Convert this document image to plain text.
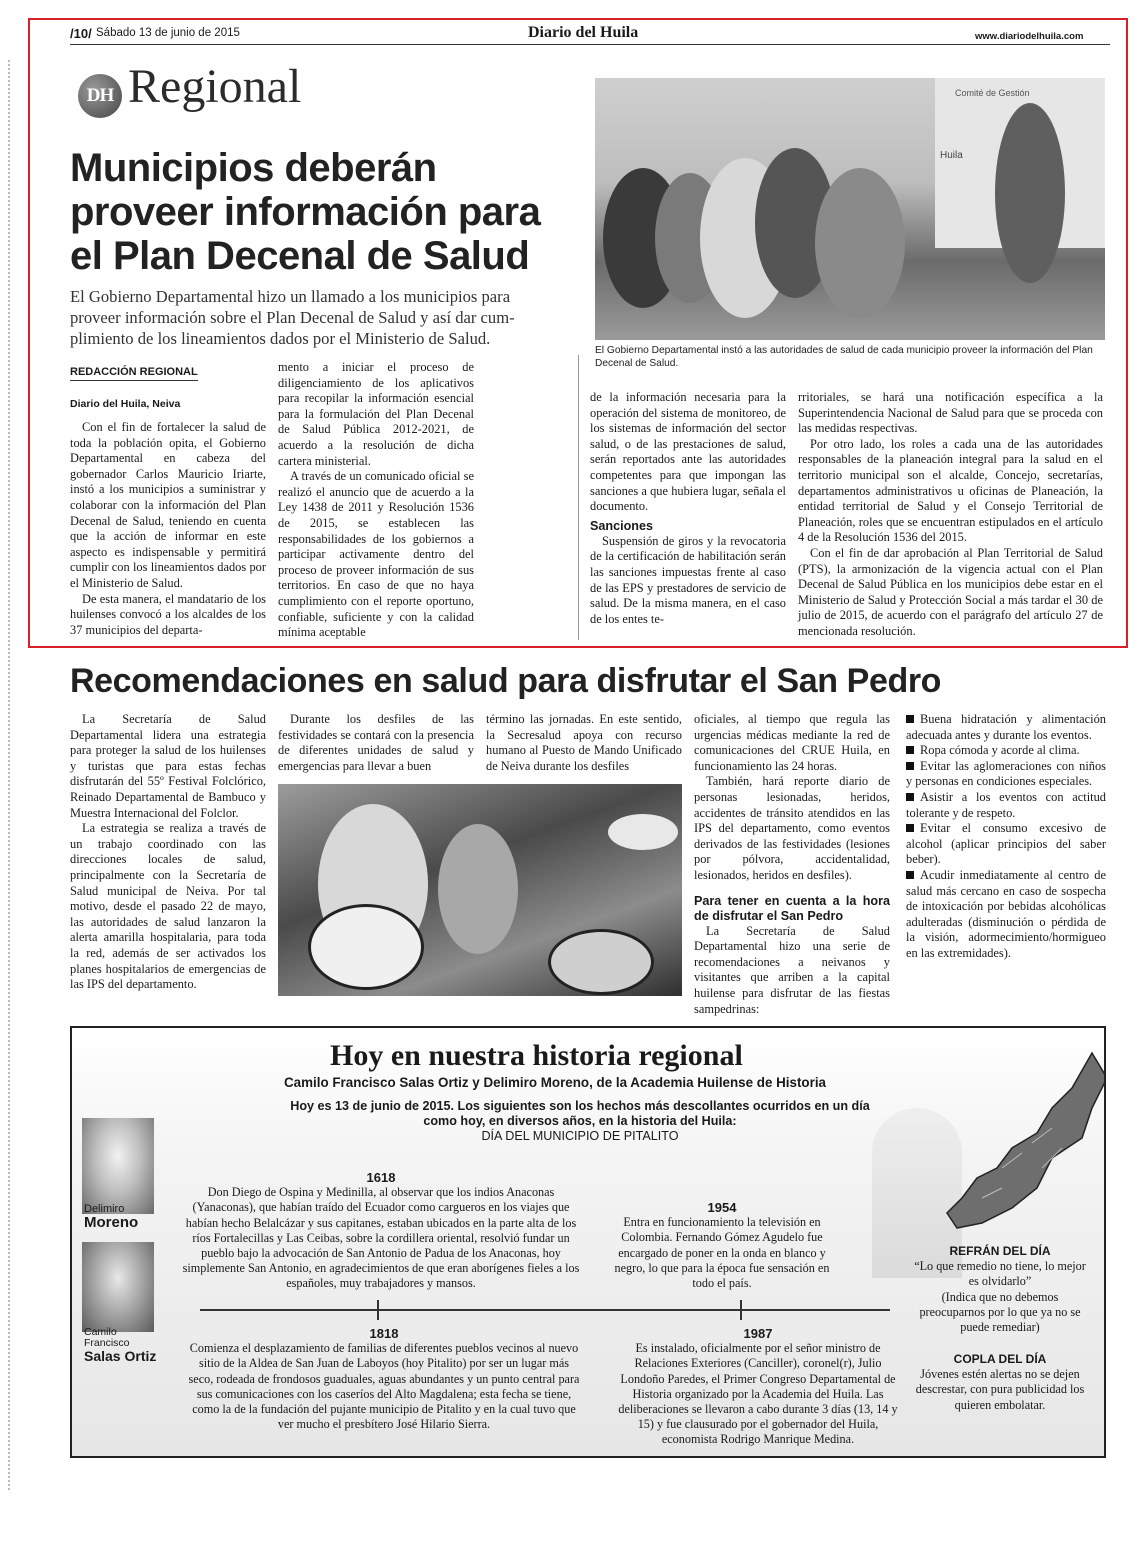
/10/ Sábado 13 de junio de 2015	Diario del Huila	www.diariodelhuila.com
DH Regional
Municipios deberán
proveer información para
el Plan Decenal de Salud
El Gobierno Departamental hizo un llamado a los municipios para
proveer información sobre el Plan Decenal de Salud y así dar cum-
plimiento de los lineamientos dados por el Ministerio de Salud.
Comité de Gestión
Huila
El Gobierno Departamental instó a las autoridades de salud de cada municipio proveer la información del Plan Decenal de Salud.
REDACCIÓN REGIONAL
Diario del Huila, Neiva

Con el fin de fortalecer la salud de toda la población opita, el Gobierno Departamental en cabeza del gobernador Carlos Mauricio Iriarte, instó a los municipios a suministrar y colaborar con la información del Plan Decenal de Salud, teniendo en cuenta que la acción de informar en este aspecto es indispensable y permitirá cumplir con los lineamientos dados por el Ministerio de Salud.

De esta manera, el mandatario de los huilenses convocó a los alcaldes de los 37 municipios del departa-

mento a iniciar el proceso de diligenciamiento de los aplicativos para recopilar la información esencial para la formulación del Plan Decenal de Salud Pública 2012-2021, de acuerdo a la resolución de dicha cartera ministerial.

A través de un comunicado oficial se realizó el anuncio que de acuerdo a la Ley 1438 de 2011 y Resolución 1536 de 2015, se establecen las responsabilidades de los gobiernos a participar activamente dentro del proceso de proveer información de sus territorios. En caso de que no haya cumplimiento con el reporte oportuno, confiable, suficiente y con la calidad mínima aceptable

de la información necesaria para la operación del sistema de monitoreo, de los sistemas de información del sector salud, o de las prestaciones de salud, serán reportados ante las autoridades competentes para que impongan las sanciones a que hubiera lugar, señala el documento.

Sanciones

Suspensión de giros y la revocatoria de la certificación de habilitación serán las sanciones impuestas frente al caso de las EPS y prestadores de servicio de salud. De la misma manera, en el caso de los entes te-

rritoriales, se hará una notificación específica a la Superintendencia Nacional de Salud para que se proceda con las medidas respectivas.

Por otro lado, los roles a cada una de las autoridades responsables de la planeación integral para la salud en el territorio municipal son el alcalde, Concejo, secretarías, departamentos administrativos u oficinas de Planeación, la entidad territorial de Salud y el Consejo Territorial de Planeación, roles que se encuentran estipulados en el artículo 4 de la Resolución 1536 del 2015.

Con el fin de dar aprobación al Plan Territorial de Salud (PTS), la armonización de la vigencia actual con el Plan Decenal de Salud Pública en los municipios debe estar en el Ministerio de Salud y Protección Social a más tardar el 30 de julio de 2015, de acuerdo con el parágrafo del artículo 27 de mencionada resolución.

Recomendaciones en salud para disfrutar el San Pedro

La Secretaría de Salud Departamental lidera una estrategia para proteger la salud de los huilenses y turistas que para estas fechas disfrutarán del 55º Festival Folclórico, Reinado Departamental de Bambuco y Muestra Internacional del Folclor.

La estrategia se realiza a través de un trabajo coordinado con las direcciones locales de salud, principalmente con la Secretaría de Salud municipal de Neiva. Por tal motivo, desde el pasado 22 de mayo, las autoridades de salud lanzaron la alerta amarilla hospitalaria, para toda la red, además de ser activados los planes hospitalarios de emergencias de las IPS del departamento.

Durante los desfiles de las festividades se contará con la presencia de diferentes unidades de salud y emergencias para llevar a buen

término las jornadas. En este sentido, la Secresalud apoya con recurso humano al Puesto de Mando Unificado de Neiva durante los desfiles

oficiales, al tiempo que regula las urgencias médicas mediante la red de comunicaciones del CRUE Huila, en funcionamiento las 24 horas.

También, hará reporte diario de personas lesionadas, heridos, accidentes de tránsito atendidos en las IPS del departamento, como eventos derivados de las festividades (lesiones por pólvora, accidentalidad, lesionados, heridos en desfiles).

Para tener en cuenta a la hora de disfrutar el San Pedro

La Secretaría de Salud Departamental hizo una serie de recomendaciones a neivanos y visitantes que arriben a la capital huilense para disfrutar de las fiestas sampedrinas:

Buena hidratación y alimentación adecuada antes y durante los eventos.

Ropa cómoda y acorde al clima.

Evitar las aglomeraciones con niños y personas en condiciones especiales.

Asistir a los eventos con actitud tolerante y de respeto.

Evitar el consumo excesivo de alcohol (aplicar principios del saber beber).

Acudir inmediatamente al centro de salud más cercano en caso de sospecha de intoxicación por bebidas alcohólicas adulteradas (disminución o pérdida de la visión, adormecimiento/hormigueo en las extremidades).

Hoy en nuestra historia regional
Camilo Francisco Salas Ortiz y Delimiro Moreno, de la Academia Huilense de Historia
Hoy es 13 de junio de 2015. Los siguientes son los hechos más descollantes ocurridos en un día
como hoy, en diversos años, en la historia del Huila:
DÍA DEL MUNICIPIO DE PITALITO
Delimiro
Moreno
Camilo
Francisco
Salas Ortiz
1618
Don Diego de Ospina y Medinilla, al observar que los indios Anaconas (Yanaconas), que habían traído del Ecuador como cargueros en los viajes que habían hecho Belalcázar y sus capitanes, estaban ubicados en la parte alta de los ríos Fortalecillas y Las Ceibas, sobre la cordillera oriental, resolvió fundar un pueblo bajo la advocación de San Antonio de Padua de los Anaconas, hoy simplemente San Antonio, en agradecimientos de que eran aborígenes fieles a los españoles, muy trabajadores y mansos.
1954
Entra en funcionamiento la televisión en Colombia. Fernando Gómez Agudelo fue encargado de poner en la onda en blanco y negro, lo que para la época fue sensación en todo el país.
1818
Comienza el desplazamiento de familias de diferentes pueblos vecinos al nuevo sitio de la Aldea de San Juan de Laboyos (hoy Pitalito) por ser un lugar más seco, rodeada de frondosos guaduales, aguas abundantes y un punto central para sus comunicaciones con los caseríos del Alto Magdalena; esta fecha se tiene, como la de la fundación del pujante municipio de Pitalito y en la cual tuvo que ver mucho el presbítero José Hilario Sierra.
1987
Es instalado, oficialmente por el señor ministro de Relaciones Exteriores (Canciller), coronel(r), Julio Londoño Paredes, el Primer Congreso Departamental de Historia organizado por la Academia del Huila. Las deliberaciones se llevaron a cabo durante 3 días (13, 14 y 15) y fue clausurado por el gobernador del Huila, economista Rodrigo Manrique Medina.
REFRÁN DEL DÍA
“Lo que remedio no tiene, lo mejor es olvidarlo”
(Indica que no debemos preocuparnos por lo que ya no se puede remediar)
COPLA DEL DÍA
Jóvenes estén alertas no se dejen descrestar, con pura publicidad los quieren embolatar.
